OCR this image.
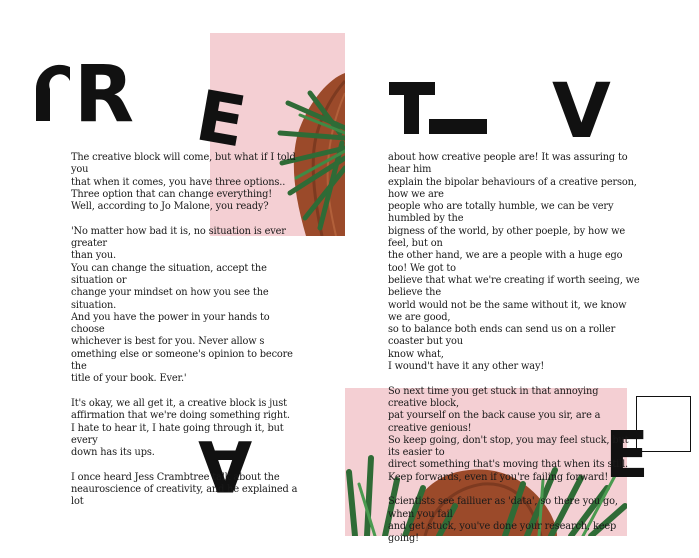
R E	V
A	E

The creative block will come, but what if I told you
that when it comes, you have three options..
Three option that can change everything!
Well, according to Jo Malone, you ready?

'No matter how bad it is, no situation is ever greater
than you.
You can change the situation, accept the situation or
change your mindset on how you see the situation.
And you have the power in your hands to choose
whichever is best for you. Never allow s
omething else or someone's opinion to becore the
title of your book. Ever.'

It's okay, we all get it, a creative block is just
affirmation that we're doing something right.
I hate to hear it, I hate going through it, but every
down has its ups.

I once heard Jess Crambtree talk about the
neauroscience of creativity, and he explained a lot

about how creative people are! It was assuring to hear him
explain the bipolar behaviours of a creative person, how we are
people who are totally humble, we can be very humbled by the
bigness of the world, by other poeple, by how we feel, but on
the other hand, we are a people with a huge ego too! We got to
believe that what we're creating if worth seeing, we believe the
world would not be the same without it, we know we are good,
so to balance both ends can send us on a roller coaster but you
know what,
I wound't have it any other way!

So next time you get stuck in that annoying creative block,
pat yourself on the back cause you sir, are a creative genious!
So keep going, don't stop, you may feel stuck, but its easier to
direct something that's moving that when its still.
Keep forwards, even if you're failing forward!

Scientists see failiuer as 'data', so there you go, when you fail
and get stuck, you've done your research, keep going!
